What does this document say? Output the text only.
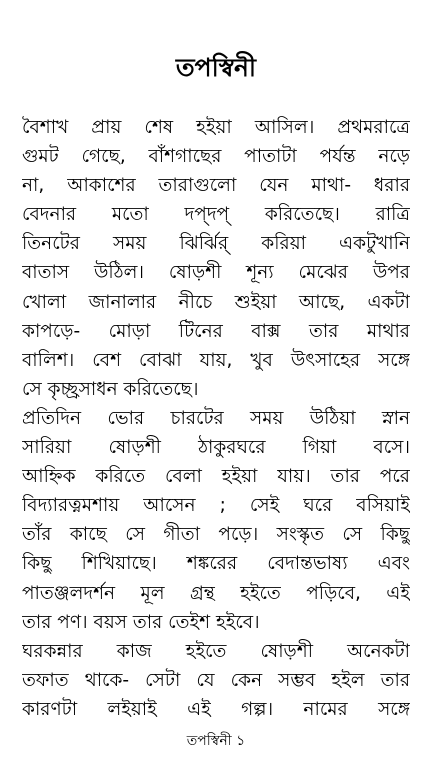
তপস্বিনী
বৈশাখ প্রায় শেষ হইয়া আসিল। প্রথমরাত্রে
গুমট গেছে, বাঁশগাছের পাতাটা পর্যন্ত নড়ে
না, আকাশের তারাগুলো যেন মাথা- ধরার
বেদনার মতো দপ্দপ্ করিতেছে। রাত্রি
তিনটের সময় ঝির্ঝির্ করিয়া একটুখানি
বাতাস উঠিল। ষোড়শী শূন্য মেঝের উপর
খোলা জানালার নীচে শুইয়া আছে, একটা
কাপড়ে- মোড়া টিনের বাক্স তার মাথার
বালিশ। বেশ বোঝা যায়, খুব উৎসাহের সঙ্গে
সে কৃচ্ছ্রসাধন করিতেছে।
প্রতিদিন ভোর চারটের সময় উঠিয়া স্নান
সারিয়া ষোড়শী ঠাকুরঘরে গিয়া বসে।
আহ্নিক করিতে বেলা হইয়া যায়। তার পরে
বিদ্যারত্নমশায় আসেন ; সেই ঘরে বসিয়াই
তাঁর কাছে সে গীতা পড়ে। সংস্কৃত সে কিছু
কিছু শিখিয়াছে। শঙ্করের বেদান্তভাষ্য এবং
পাতঞ্জলদর্শন মূল গ্রন্থ হইতে পড়িবে, এই
তার পণ। বয়স তার তেইশ হইবে।
ঘরকন্নার কাজ হইতে ষোড়শী অনেকটা
তফাত থাকে- সেটা যে কেন সম্ভব হইল তার
কারণটা লইয়াই এই গল্প। নামের সঙ্গে
তপস্বিনী ১
